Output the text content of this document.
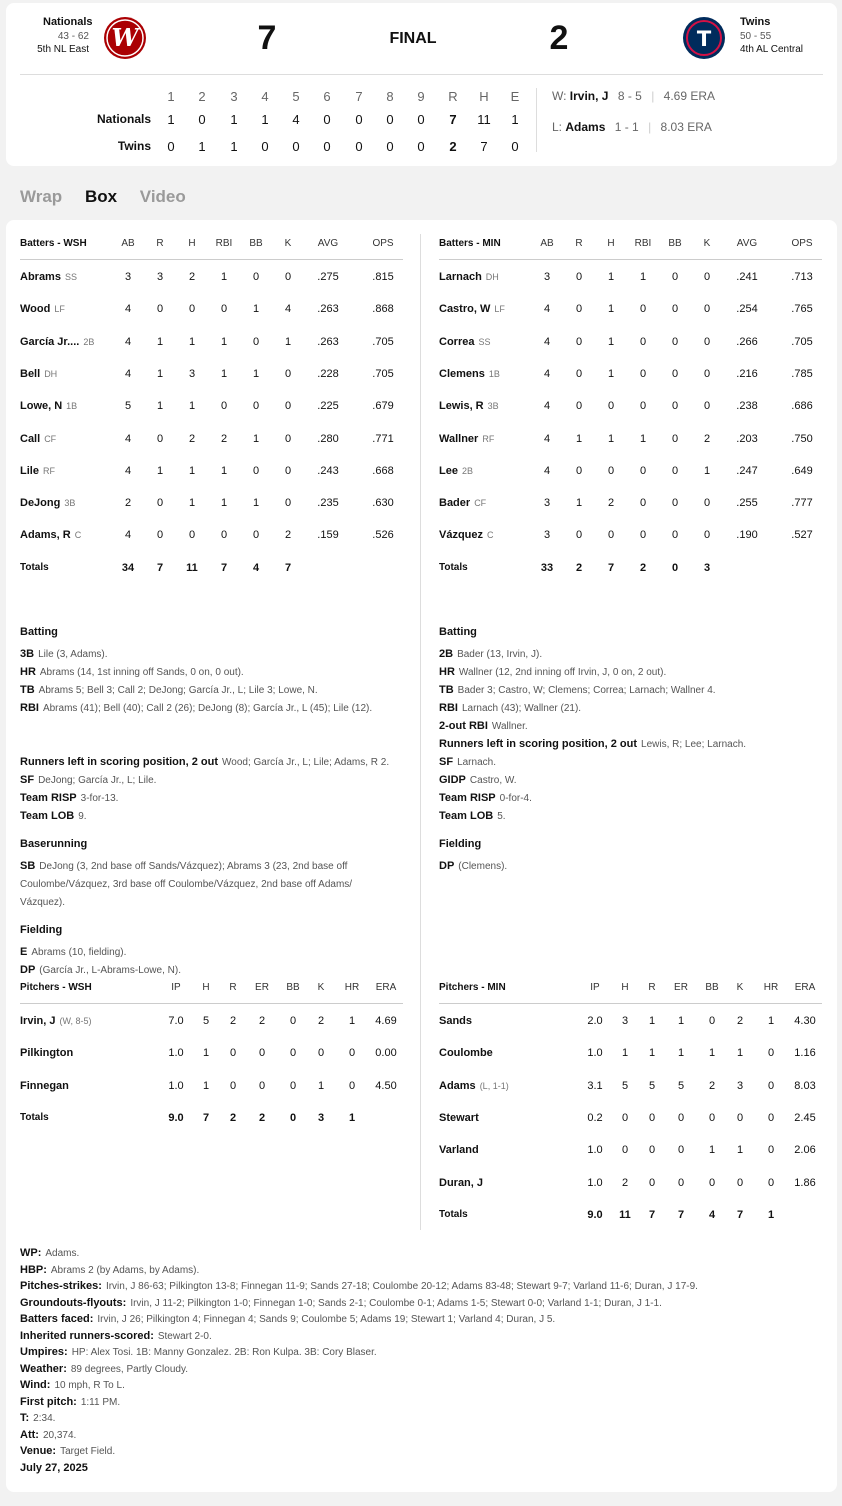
Nationals
43 - 62
5th NL East W	7	FINAL	2	T
Twins
50 - 55
4th AL Central
1	2	3	4	5	6	7	8	9	R	H	E
Nationals	1	0	1	1	4	0	0	0	0	7	11	1
Twins	0	1	1	0	0	0	0	0	0	2	7	0
W: Irvin, J 8 - 5 | 4.69 ERA
L: Adams 1 - 1 | 8.03 ERA
Wrap Box Video
Batters - WSH	AB	R	H	RBI	BB	K	AVG	OPS
Abrams SS	3	3	2	1	0	0	.275	.815
Wood LF	4	0	0	0	1	4	.263	.868
García Jr.... 2B	4	1	1	1	0	1	.263	.705
Bell DH	4	1	3	1	1	0	.228	.705
Lowe, N 1B	5	1	1	0	0	0	.225	.679
Call CF	4	0	2	2	1	0	.280	.771
Lile RF	4	1	1	1	0	0	.243	.668
DeJong 3B	2	0	1	1	1	0	.235	.630
Adams, R C	4	0	0	0	0	2	.159	.526
Totals	34	7	11	7	4	7
Batters - MIN	AB	R	H	RBI	BB	K	AVG	OPS
Larnach DH	3	0	1	1	0	0	.241	.713
Castro, W LF	4	0	1	0	0	0	.254	.765
Correa SS	4	0	1	0	0	0	.266	.705
Clemens 1B	4	0	1	0	0	0	.216	.785
Lewis, R 3B	4	0	0	0	0	0	.238	.686
Wallner RF	4	1	1	1	0	2	.203	.750
Lee 2B	4	0	0	0	0	1	.247	.649
Bader CF	3	1	2	0	0	0	.255	.777
Vázquez C	3	0	0	0	0	0	.190	.527
Totals	33	2	7	2	0	3
Batting
3B Lile (3, Adams).
HR Abrams (14, 1st inning off Sands, 0 on, 0 out).
TB Abrams 5; Bell 3; Call 2; DeJong; García Jr., L; Lile 3; Lowe, N.
RBI Abrams (41); Bell (40); Call 2 (26); DeJong (8); García Jr., L (45); Lile (12).
Runners left in scoring position, 2 out Wood; García Jr., L; Lile; Adams, R 2.
SF DeJong; García Jr., L; Lile.
Team RISP 3-for-13.
Team LOB 9.
Baserunning
SB DeJong (3, 2nd base off Sands/Vázquez); Abrams 3 (23, 2nd base off Coulombe/Vázquez, 3rd base off Coulombe/Vázquez, 2nd base off Adams/ Vázquez).
Fielding
E Abrams (10, fielding).
DP (García Jr., L-Abrams-Lowe, N).
Batting
2B Bader (13, Irvin, J).
HR Wallner (12, 2nd inning off Irvin, J, 0 on, 2 out).
TB Bader 3; Castro, W; Clemens; Correa; Larnach; Wallner 4.
RBI Larnach (43); Wallner (21).
2-out RBI Wallner.
Runners left in scoring position, 2 out Lewis, R; Lee; Larnach.
SF Larnach.
GIDP Castro, W.
Team RISP 0-for-4.
Team LOB 5.
Fielding
DP (Clemens).
Pitchers - WSH	IP	H	R	ER	BB	K	HR	ERA
Irvin, J (W, 8-5)	7.0	5	2	2	0	2	1	4.69
Pilkington	1.0	1	0	0	0	0	0	0.00
Finnegan	1.0	1	0	0	0	1	0	4.50
Totals	9.0	7	2	2	0	3	1
Pitchers - MIN	IP	H	R	ER	BB	K	HR	ERA
Sands	2.0	3	1	1	0	2	1	4.30
Coulombe	1.0	1	1	1	1	1	0	1.16
Adams (L, 1-1)	3.1	5	5	5	2	3	0	8.03
Stewart	0.2	0	0	0	0	0	0	2.45
Varland	1.0	0	0	0	1	1	0	2.06
Duran, J	1.0	2	0	0	0	0	0	1.86
Totals	9.0	11	7	7	4	7	1
WP: Adams.
HBP: Abrams 2 (by Adams, by Adams).
Pitches-strikes: Irvin, J 86-63; Pilkington 13-8; Finnegan 11-9; Sands 27-18; Coulombe 20-12; Adams 83-48; Stewart 9-7; Varland 11-6; Duran, J 17-9.
Groundouts-flyouts: Irvin, J 11-2; Pilkington 1-0; Finnegan 1-0; Sands 2-1; Coulombe 0-1; Adams 1-5; Stewart 0-0; Varland 1-1; Duran, J 1-1.
Batters faced: Irvin, J 26; Pilkington 4; Finnegan 4; Sands 9; Coulombe 5; Adams 19; Stewart 1; Varland 4; Duran, J 5.
Inherited runners-scored: Stewart 2-0.
Umpires: HP: Alex Tosi. 1B: Manny Gonzalez. 2B: Ron Kulpa. 3B: Cory Blaser.
Weather: 89 degrees, Partly Cloudy.
Wind: 10 mph, R To L.
First pitch: 1:11 PM.
T: 2:34.
Att: 20,374.
Venue: Target Field.
July 27, 2025
